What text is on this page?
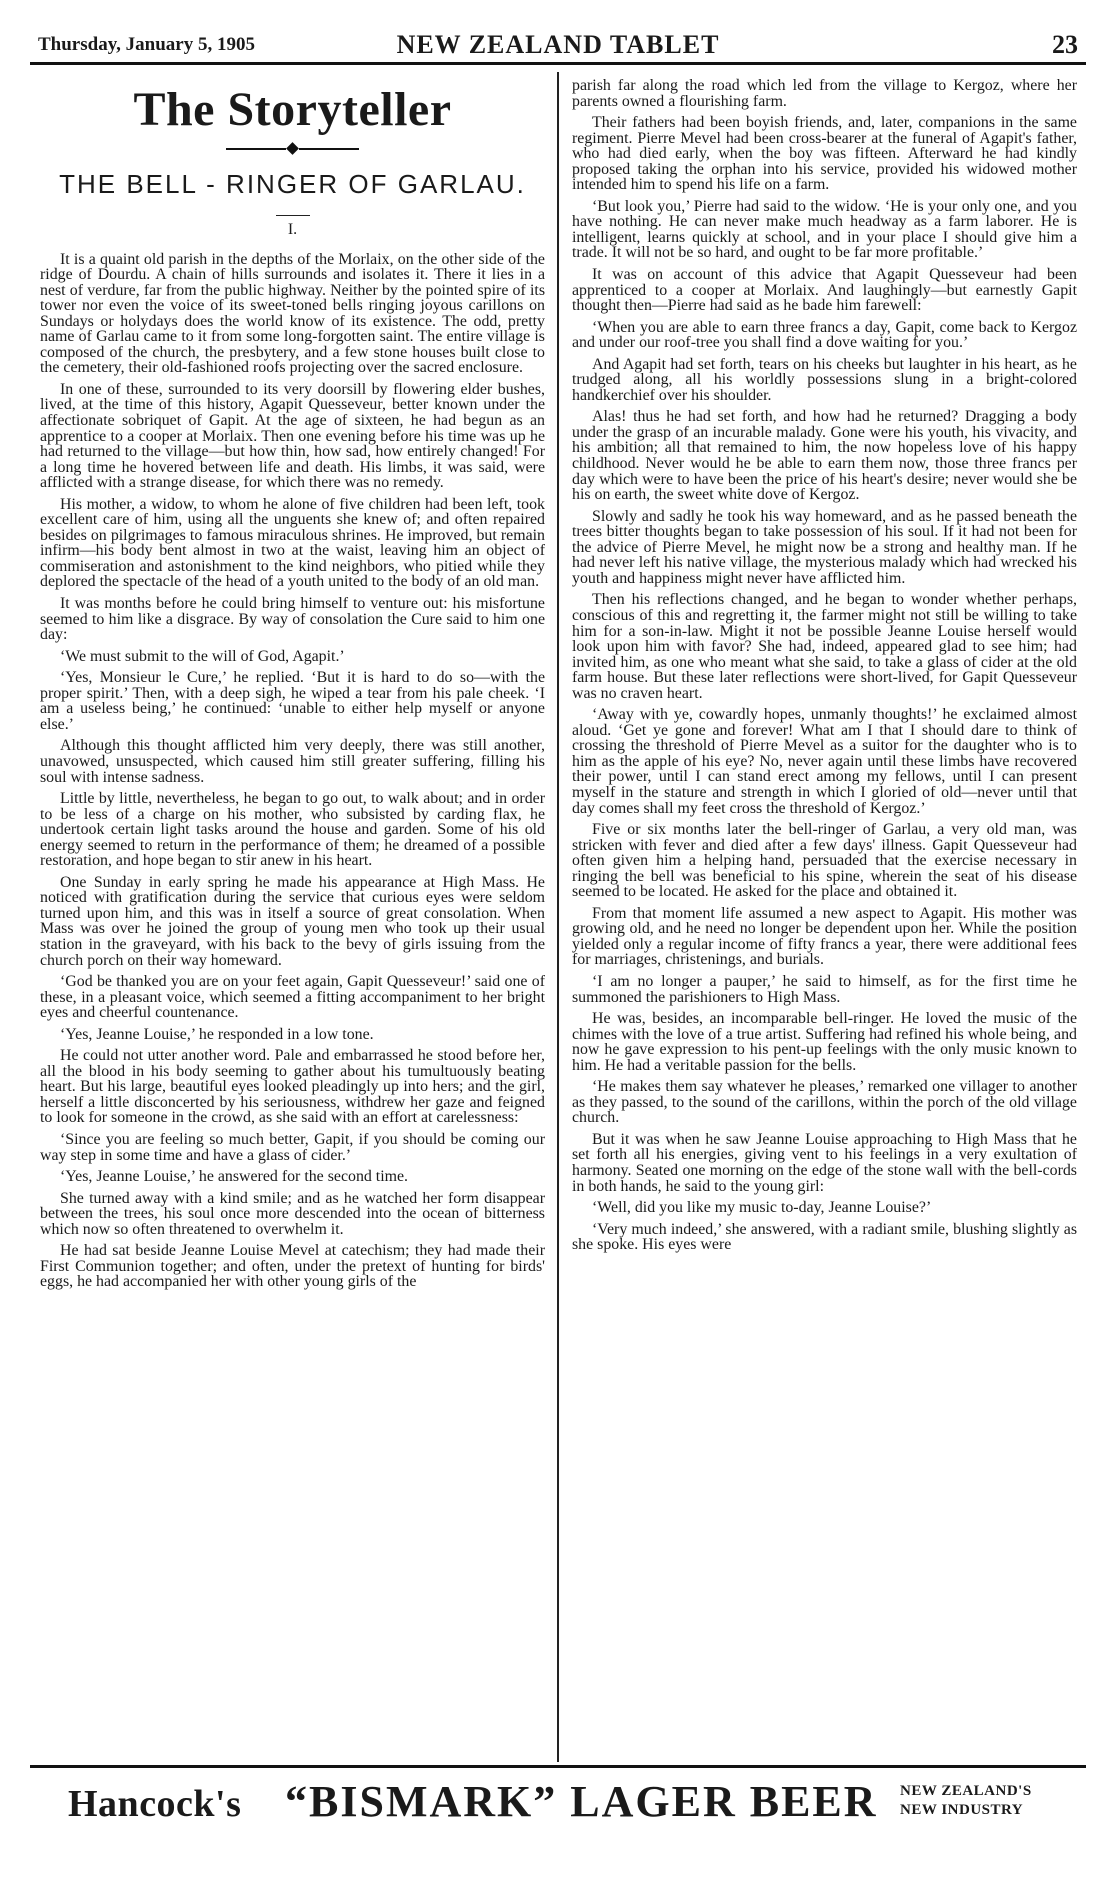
Thursday, January 5, 1905	NEW ZEALAND TABLET	23
The Storyteller
THE BELL - RINGER OF GARLAU.
I.

It is a quaint old parish in the depths of the Morlaix, on the other side of the ridge of Dourdu. A chain of hills surrounds and isolates it. There it lies in a nest of verdure, far from the public highway. Neither by the pointed spire of its tower nor even the voice of its sweet-toned bells ringing joyous carillons on Sundays or holydays does the world know of its existence. The odd, pretty name of Garlau came to it from some long-forgotten saint. The entire village is composed of the church, the presbytery, and a few stone houses built close to the cemetery, their old-fashioned roofs projecting over the sacred enclosure.

In one of these, surrounded to its very doorsill by flowering elder bushes, lived, at the time of this history, Agapit Quesseveur, better known under the affectionate sobriquet of Gapit. At the age of sixteen, he had begun as an apprentice to a cooper at Morlaix. Then one evening before his time was up he had returned to the village—but how thin, how sad, how entirely changed! For a long time he hovered between life and death. His limbs, it was said, were afflicted with a strange disease, for which there was no remedy.

His mother, a widow, to whom he alone of five children had been left, took excellent care of him, using all the unguents she knew of; and often repaired besides on pilgrimages to famous miraculous shrines. He improved, but remain infirm—his body bent almost in two at the waist, leaving him an object of commiseration and astonishment to the kind neighbors, who pitied while they deplored the spectacle of the head of a youth united to the body of an old man.

It was months before he could bring himself to venture out: his misfortune seemed to him like a disgrace. By way of consolation the Cure said to him one day:

‘We must submit to the will of God, Agapit.’

‘Yes, Monsieur le Cure,’ he replied. ‘But it is hard to do so—with the proper spirit.’ Then, with a deep sigh, he wiped a tear from his pale cheek. ‘I am a useless being,’ he continued: ‘unable to either help myself or anyone else.’

Although this thought afflicted him very deeply, there was still another, unavowed, unsuspected, which caused him still greater suffering, filling his soul with intense sadness.

Little by little, nevertheless, he began to go out, to walk about; and in order to be less of a charge on his mother, who subsisted by carding flax, he undertook certain light tasks around the house and garden. Some of his old energy seemed to return in the performance of them; he dreamed of a possible restoration, and hope began to stir anew in his heart.

One Sunday in early spring he made his appearance at High Mass. He noticed with gratification during the service that curious eyes were seldom turned upon him, and this was in itself a source of great consolation. When Mass was over he joined the group of young men who took up their usual station in the graveyard, with his back to the bevy of girls issuing from the church porch on their way homeward.

‘God be thanked you are on your feet again, Gapit Quesseveur!’ said one of these, in a pleasant voice, which seemed a fitting accompaniment to her bright eyes and cheerful countenance.

‘Yes, Jeanne Louise,’ he responded in a low tone.

He could not utter another word. Pale and embarrassed he stood before her, all the blood in his body seeming to gather about his tumultuously beating heart. But his large, beautiful eyes looked pleadingly up into hers; and the girl, herself a little disconcerted by his seriousness, withdrew her gaze and feigned to look for someone in the crowd, as she said with an effort at carelessness:

‘Since you are feeling so much better, Gapit, if you should be coming our way step in some time and have a glass of cider.’

‘Yes, Jeanne Louise,’ he answered for the second time.

She turned away with a kind smile; and as he watched her form disappear between the trees, his soul once more descended into the ocean of bitterness which now so often threatened to overwhelm it.

He had sat beside Jeanne Louise Mevel at catechism; they had made their First Communion together; and often, under the pretext of hunting for birds' eggs, he had accompanied her with other young girls of the

parish far along the road which led from the village to Kergoz, where her parents owned a flourishing farm.

Their fathers had been boyish friends, and, later, companions in the same regiment. Pierre Mevel had been cross-bearer at the funeral of Agapit's father, who had died early, when the boy was fifteen. Afterward he had kindly proposed taking the orphan into his service, provided his widowed mother intended him to spend his life on a farm.

‘But look you,’ Pierre had said to the widow. ‘He is your only one, and you have nothing. He can never make much headway as a farm laborer. He is intelligent, learns quickly at school, and in your place I should give him a trade. It will not be so hard, and ought to be far more profitable.’

It was on account of this advice that Agapit Quesseveur had been apprenticed to a cooper at Morlaix. And laughingly—but earnestly Gapit thought then—Pierre had said as he bade him farewell:

‘When you are able to earn three francs a day, Gapit, come back to Kergoz and under our roof-tree you shall find a dove waiting for you.’

And Agapit had set forth, tears on his cheeks but laughter in his heart, as he trudged along, all his worldly possessions slung in a bright-colored handkerchief over his shoulder.

Alas! thus he had set forth, and how had he returned? Dragging a body under the grasp of an incurable malady. Gone were his youth, his vivacity, and his ambition; all that remained to him, the now hopeless love of his happy childhood. Never would he be able to earn them now, those three francs per day which were to have been the price of his heart's desire; never would she be his on earth, the sweet white dove of Kergoz.

Slowly and sadly he took his way homeward, and as he passed beneath the trees bitter thoughts began to take possession of his soul. If it had not been for the advice of Pierre Mevel, he might now be a strong and healthy man. If he had never left his native village, the mysterious malady which had wrecked his youth and happiness might never have afflicted him.

Then his reflections changed, and he began to wonder whether perhaps, conscious of this and regretting it, the farmer might not still be willing to take him for a son-in-law. Might it not be possible Jeanne Louise herself would look upon him with favor? She had, indeed, appeared glad to see him; had invited him, as one who meant what she said, to take a glass of cider at the old farm house. But these later reflections were short-lived, for Gapit Quesseveur was no craven heart.

‘Away with ye, cowardly hopes, unmanly thoughts!’ he exclaimed almost aloud. ‘Get ye gone and forever! What am I that I should dare to think of crossing the threshold of Pierre Mevel as a suitor for the daughter who is to him as the apple of his eye? No, never again until these limbs have recovered their power, until I can stand erect among my fellows, until I can present myself in the stature and strength in which I gloried of old—never until that day comes shall my feet cross the threshold of Kergoz.’

Five or six months later the bell-ringer of Garlau, a very old man, was stricken with fever and died after a few days' illness. Gapit Quesseveur had often given him a helping hand, persuaded that the exercise necessary in ringing the bell was beneficial to his spine, wherein the seat of his disease seemed to be located. He asked for the place and obtained it.

From that moment life assumed a new aspect to Agapit. His mother was growing old, and he need no longer be dependent upon her. While the position yielded only a regular income of fifty francs a year, there were additional fees for marriages, christenings, and burials.

‘I am no longer a pauper,’ he said to himself, as for the first time he summoned the parishioners to High Mass.

He was, besides, an incomparable bell-ringer. He loved the music of the chimes with the love of a true artist. Suffering had refined his whole being, and now he gave expression to his pent-up feelings with the only music known to him. He had a veritable passion for the bells.

‘He makes them say whatever he pleases,’ remarked one villager to another as they passed, to the sound of the carillons, within the porch of the old village church.

But it was when he saw Jeanne Louise approaching to High Mass that he set forth all his energies, giving vent to his feelings in a very exultation of harmony. Seated one morning on the edge of the stone wall with the bell-cords in both hands, he said to the young girl:

‘Well, did you like my music to-day, Jeanne Louise?’

‘Very much indeed,’ she answered, with a radiant smile, blushing slightly as she spoke. His eyes were

Hancock's “BISMARK” LAGER BEER NEW ZEALAND'S
NEW INDUSTRY
